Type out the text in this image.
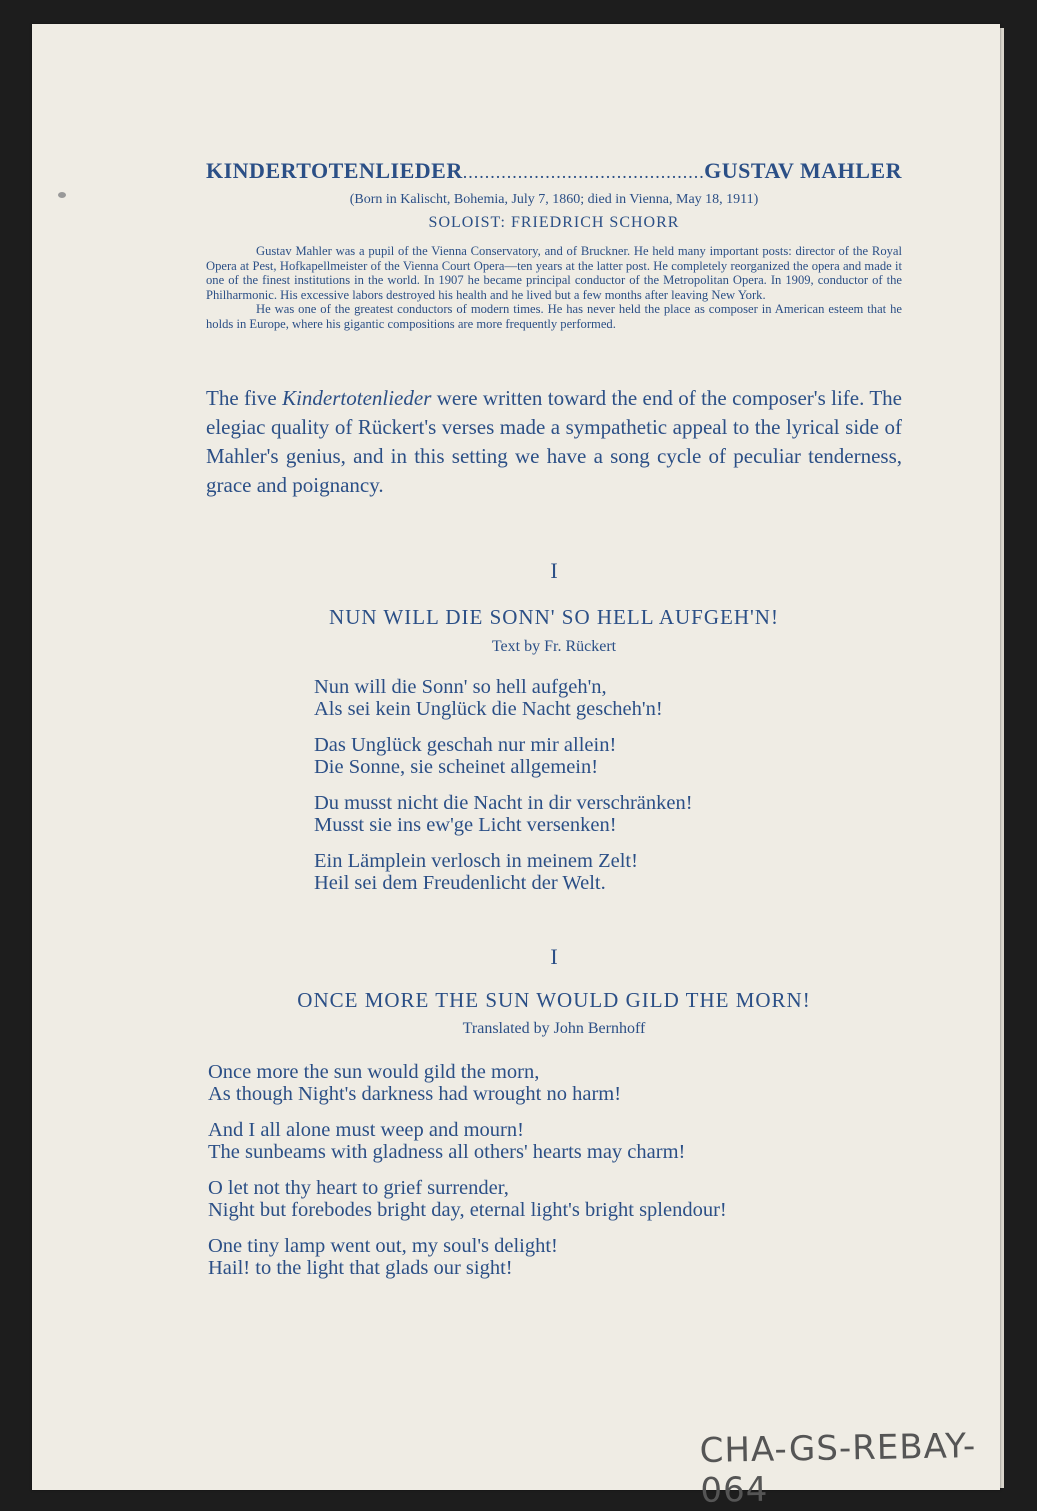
KINDERTOTENLIEDER
.....	GUSTAV MAHLER
(Born in Kalischt, Bohemia, July 7, 1860; died in Vienna, May 18, 1911)
SOLOIST: FRIEDRICH SCHORR

Gustav Mahler was a pupil of the Vienna Conservatory, and of Bruckner. He held many important posts: director of the Royal Opera at Pest, Hofkapellmeister of the Vienna Court Opera—ten years at the latter post. He completely reorganized the opera and made it one of the finest institutions in the world. In 1907 he became principal conductor of the Metropolitan Opera. In 1909, conductor of the Philharmonic. His excessive labors destroyed his health and he lived but a few months after leaving New York.

He was one of the greatest conductors of modern times. He has never held the place as composer in American esteem that he holds in Europe, where his gigantic compositions are more frequently performed.

The five Kindertotenlieder were written toward the end of the composer's life. The elegiac quality of Rückert's verses made a sympathetic appeal to the lyrical side of Mahler's genius, and in this setting we have a song cycle of peculiar tenderness, grace and poignancy.
I
NUN WILL DIE SONN' SO HELL AUFGEH'N!
Text by Fr. Rückert
Nun will die Sonn' so hell aufgeh'n,
Als sei kein Unglück die Nacht gescheh'n!
Das Unglück geschah nur mir allein!
Die Sonne, sie scheinet allgemein!
Du musst nicht die Nacht in dir verschränken!
Musst sie ins ew'ge Licht versenken!
Ein Lämplein verlosch in meinem Zelt!
Heil sei dem Freudenlicht der Welt.
I
ONCE MORE THE SUN WOULD GILD THE MORN!
Translated by John Bernhoff
Once more the sun would gild the morn,
As though Night's darkness had wrought no harm!
And I all alone must weep and mourn!
The sunbeams with gladness all others' hearts may charm!
O let not thy heart to grief surrender,
Night but forebodes bright day, eternal light's bright splendour!
One tiny lamp went out, my soul's delight!
Hail! to the light that glads our sight!
CHA-GS-REBAY-064
